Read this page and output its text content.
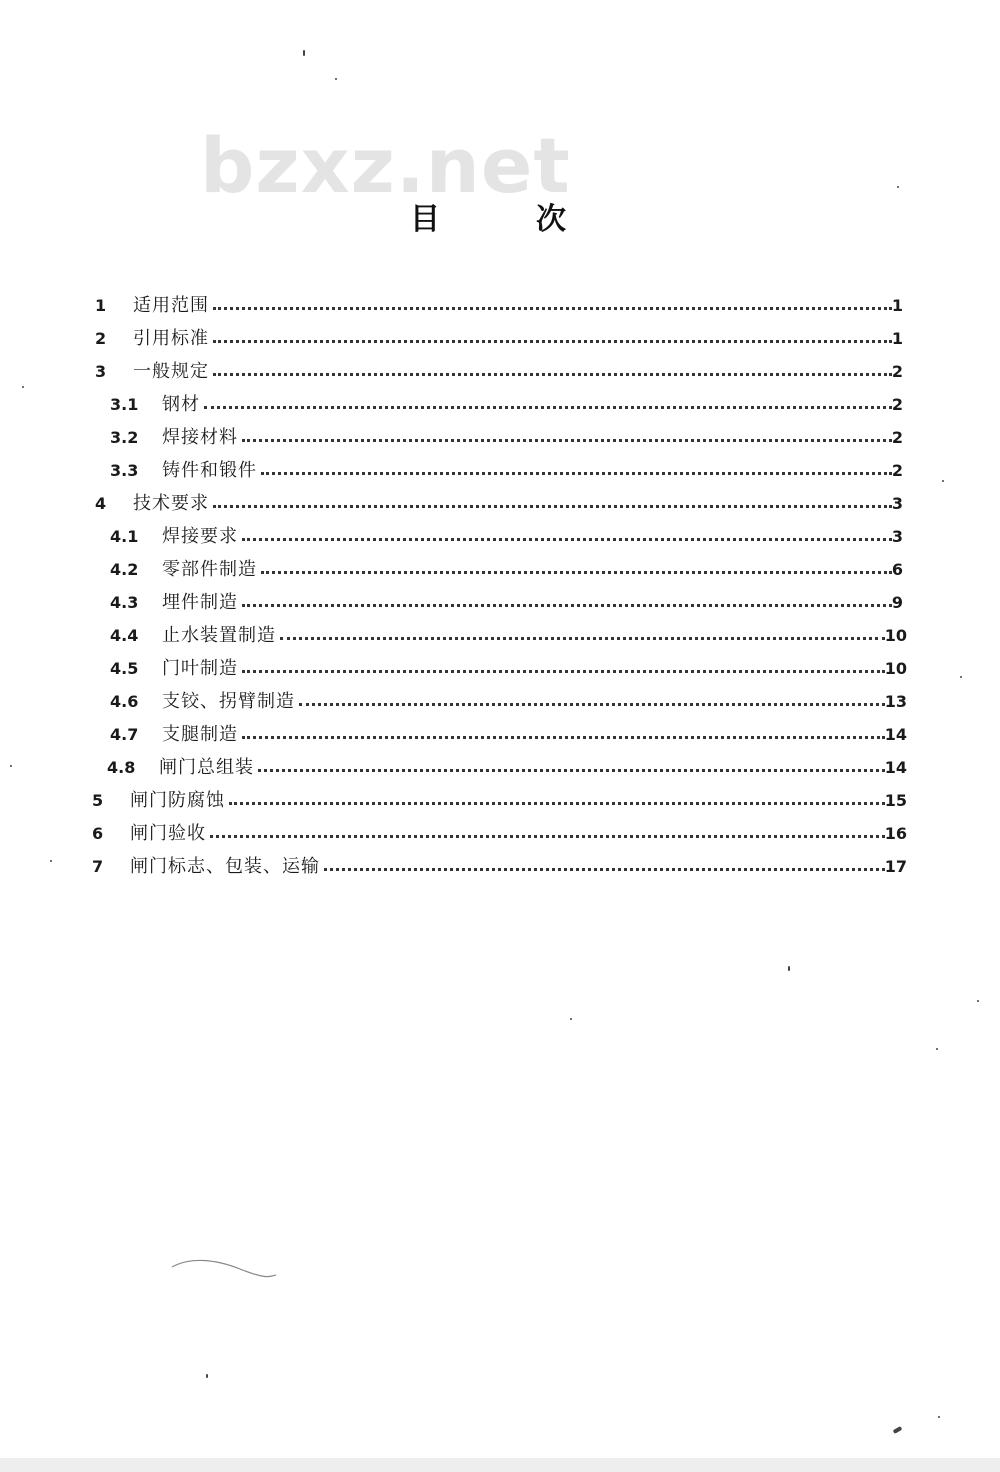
bzxz.net
目	次
1	适用范围	1
2	引用标准	1
3	一般规定	2
3.1	钢材	2
3.2	焊接材料	2
3.3	铸件和锻件	2
4	技术要求	3
4.1	焊接要求	3
4.2	零部件制造	6
4.3	埋件制造	9
4.4	止水装置制造	10
4.5	门叶制造	10
4.6	支铰、拐臂制造	13
4.7	支腿制造	14
4.8	闸门总组装	14
5	闸门防腐蚀	15
6	闸门验收	16
7	闸门标志、包装、运输	17
